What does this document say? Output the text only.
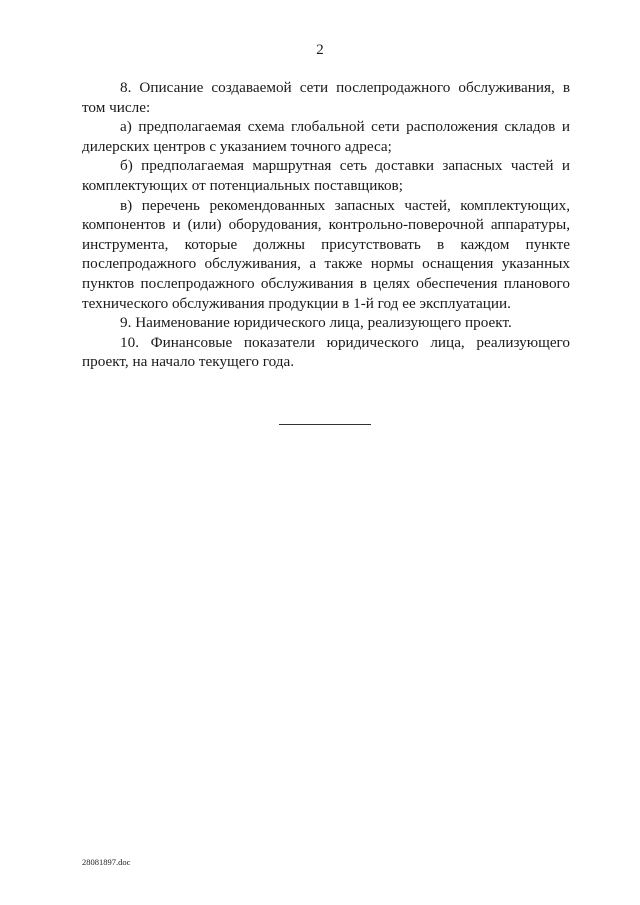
2

8. Описание создаваемой сети послепродажного обслуживания, в том числе:

а) предполагаемая схема глобальной сети расположения складов и дилерских центров с указанием точного адреса;

б) предполагаемая маршрутная сеть доставки запасных частей и комплектующих от потенциальных поставщиков;

в) перечень рекомендованных запасных частей, комплектующих, компонентов и (или) оборудования, контрольно-поверочной аппаратуры, инструмента, которые должны присутствовать в каждом пункте послепродажного обслуживания, а также нормы оснащения указанных пунктов послепродажного обслуживания в целях обеспечения планового технического обслуживания продукции в 1-й год ее эксплуатации.

9. Наименование юридического лица, реализующего проект.

10. Финансовые показатели юридического лица, реализующего проект, на начало текущего года.

28081897.doc
